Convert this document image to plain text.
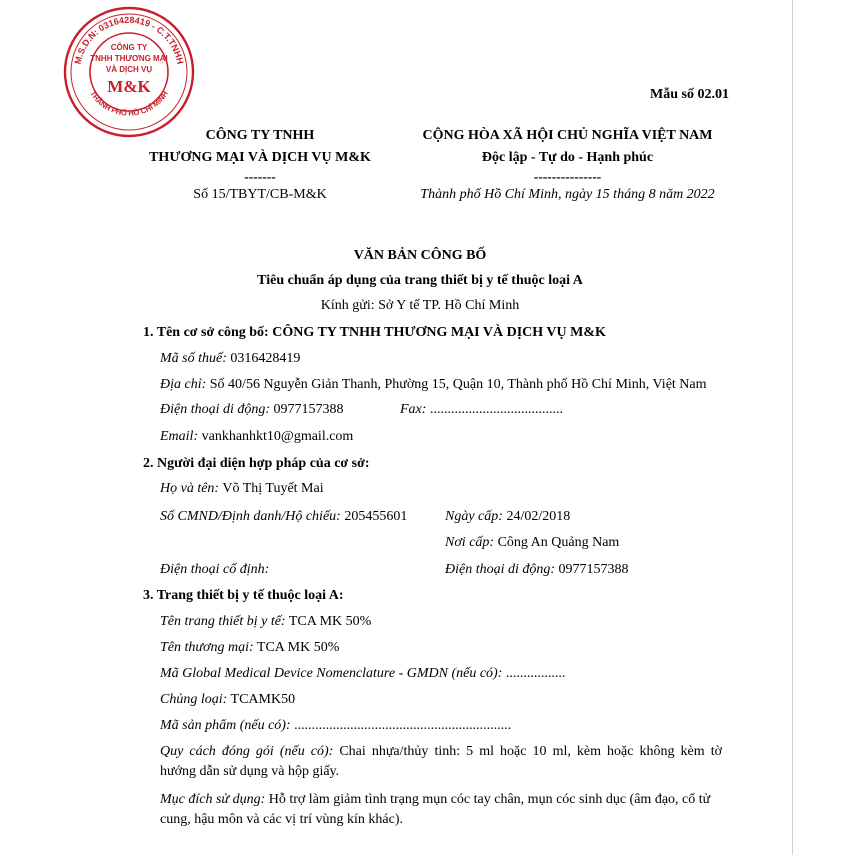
M.S.D.N: 0316428419 - C.T.TNHH
THÀNH PHỐ HỒ CHÍ MINH
CÔNG TY
TNHH THƯƠNG MẠI
VÀ DỊCH VỤ
M&K	Mẫu số 02.01
CÔNG TY TNHH
THƯƠNG MẠI VÀ DỊCH VỤ M&K
-------
Số 15/TBYT/CB-M&K
CỘNG HÒA XÃ HỘI CHỦ NGHĨA VIỆT NAM
Độc lập - Tự do - Hạnh phúc
---------------
Thành phố Hồ Chí Minh, ngày 15 tháng 8 năm 2022
VĂN BẢN CÔNG BỐ
Tiêu chuẩn áp dụng của trang thiết bị y tế thuộc loại A
Kính gửi: Sở Y tế TP. Hồ Chí Minh
1. Tên cơ sở công bố: CÔNG TY TNHH THƯƠNG MẠI VÀ DỊCH VỤ M&K
Mã số thuế: 0316428419
Địa chỉ: Số 40/56 Nguyễn Giản Thanh, Phường 15, Quận 10, Thành phố Hồ Chí Minh, Việt Nam
Điện thoại di động: 0977157388	Fax: ......................................
Email: vankhanhkt10@gmail.com
2. Người đại diện hợp pháp của cơ sở:
Họ và tên: Võ Thị Tuyết Mai
Số CMND/Định danh/Hộ chiếu: 205455601	Ngày cấp: 24/02/2018
Nơi cấp: Công An Quảng Nam
Điện thoại cố định:	Điện thoại di động: 0977157388
3. Trang thiết bị y tế thuộc loại A:
Tên trang thiết bị y tế: TCA MK 50%
Tên thương mại: TCA MK 50%
Mã Global Medical Device Nomenclature - GMDN (nếu có): .................
Chủng loại: TCAMK50
Mã sản phẩm (nếu có): ..............................................................
Quy cách đóng gói (nếu có): Chai nhựa/thủy tinh: 5 ml hoặc 10 ml, kèm hoặc không kèm tờ
hướng dẫn sử dụng và hộp giấy.
Mục đích sử dụng: Hỗ trợ làm giảm tình trạng mụn cóc tay chân, mụn cóc sinh dục (âm đạo, cổ tử
cung, hậu môn và các vị trí vùng kín khác).
